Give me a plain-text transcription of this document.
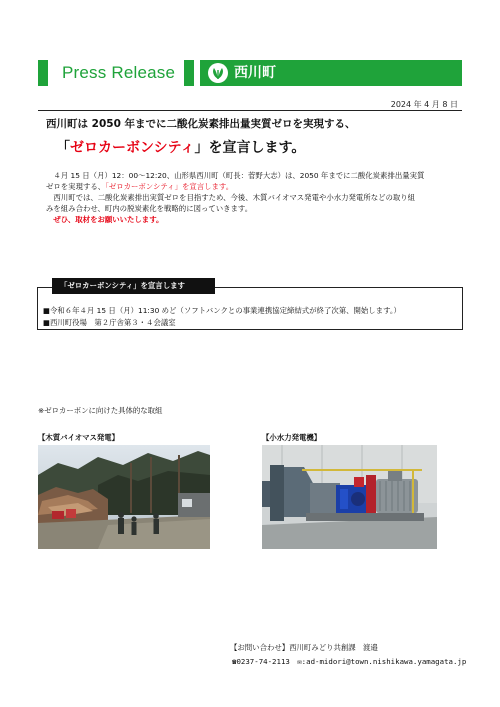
Press Release	西川町
2024 年 4 月 8 日
西川町は 2050 年までに二酸化炭素排出量実質ゼロを実現する、
「ゼロカーボンシティ」を宣言します。

　４月 15 日（月）12：00～12:20、山形県西川町（町長：菅野大志）は、2050 年までに二酸化炭素排出量実質

ゼロを実現する、「ゼロカーボンシティ」を宣言します。

　西川町では、二酸化炭素排出実質ゼロを目指すため、今後、木質バイオマス発電や小水力発電所などの取り組

みを組み合わせ、町内の脱炭素化を戦略的に図っていきます。

　ぜひ、取材をお願いいたします。

「ゼロカーボンシティ」を宣言します
■令和６年４月 15 日（月）11:30 めど（ソフトバンクとの事業連携協定締結式が終了次第、開始します。）
■西川町役場　第２庁舎第３・４会議室
※ゼロカーボンに向けた具体的な取組
【木質バイオマス発電】	【小水力発電機】
【お問い合わせ】西川町みどり共創課　渡邉
☎0237-74-2113　✉:ad-midori@town.nishikawa.yamagata.jp
